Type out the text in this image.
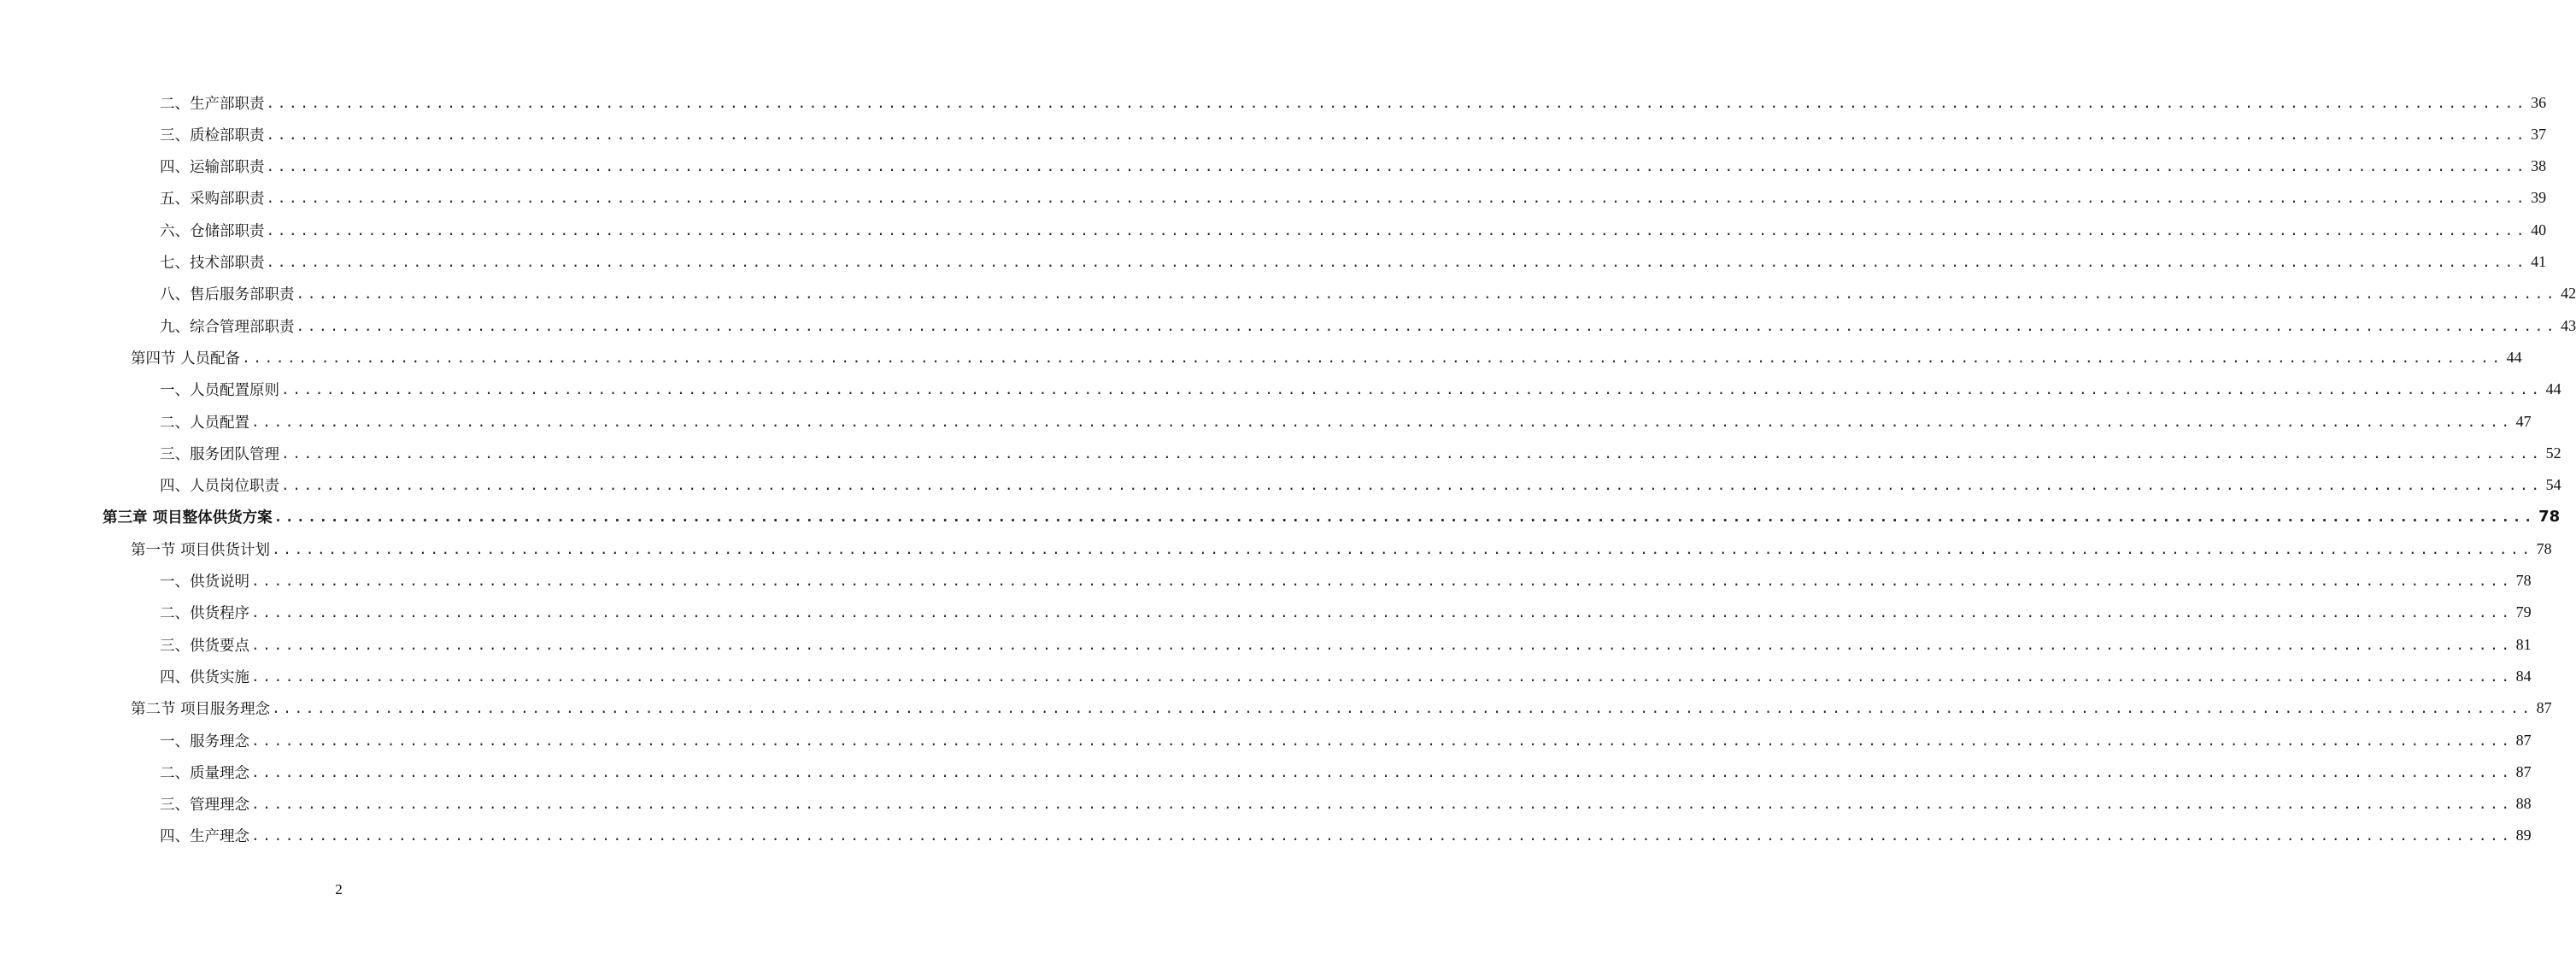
二、生产部职责 ........................................................................................................................................................................................................ 36
三、质检部职责 ........................................................................................................................................................................................................ 37
四、运输部职责 ........................................................................................................................................................................................................ 38
五、采购部职责 ........................................................................................................................................................................................................ 39
六、仓储部职责 ........................................................................................................................................................................................................ 40
七、技术部职责 ........................................................................................................................................................................................................ 41
八、售后服务部职责 ........................................................................................................................................................................................................ 42
九、综合管理部职责 ........................................................................................................................................................................................................ 43
第四节 人员配备 ........................................................................................................................................................................................................ 44
一、人员配置原则 ........................................................................................................................................................................................................ 44
二、人员配置 ........................................................................................................................................................................................................ 47
三、服务团队管理 ........................................................................................................................................................................................................ 52
四、人员岗位职责 ........................................................................................................................................................................................................ 54
第三章 项目整体供货方案 ........................................................................................................................................................................................................ 78
第一节 项目供货计划 ........................................................................................................................................................................................................ 78
一、供货说明 ........................................................................................................................................................................................................ 78
二、供货程序 ........................................................................................................................................................................................................ 79
三、供货要点 ........................................................................................................................................................................................................ 81
四、供货实施 ........................................................................................................................................................................................................ 84
第二节 项目服务理念 ........................................................................................................................................................................................................ 87
一、服务理念 ........................................................................................................................................................................................................ 87
二、质量理念 ........................................................................................................................................................................................................ 87
三、管理理念 ........................................................................................................................................................................................................ 88
四、生产理念 ........................................................................................................................................................................................................ 89
2
